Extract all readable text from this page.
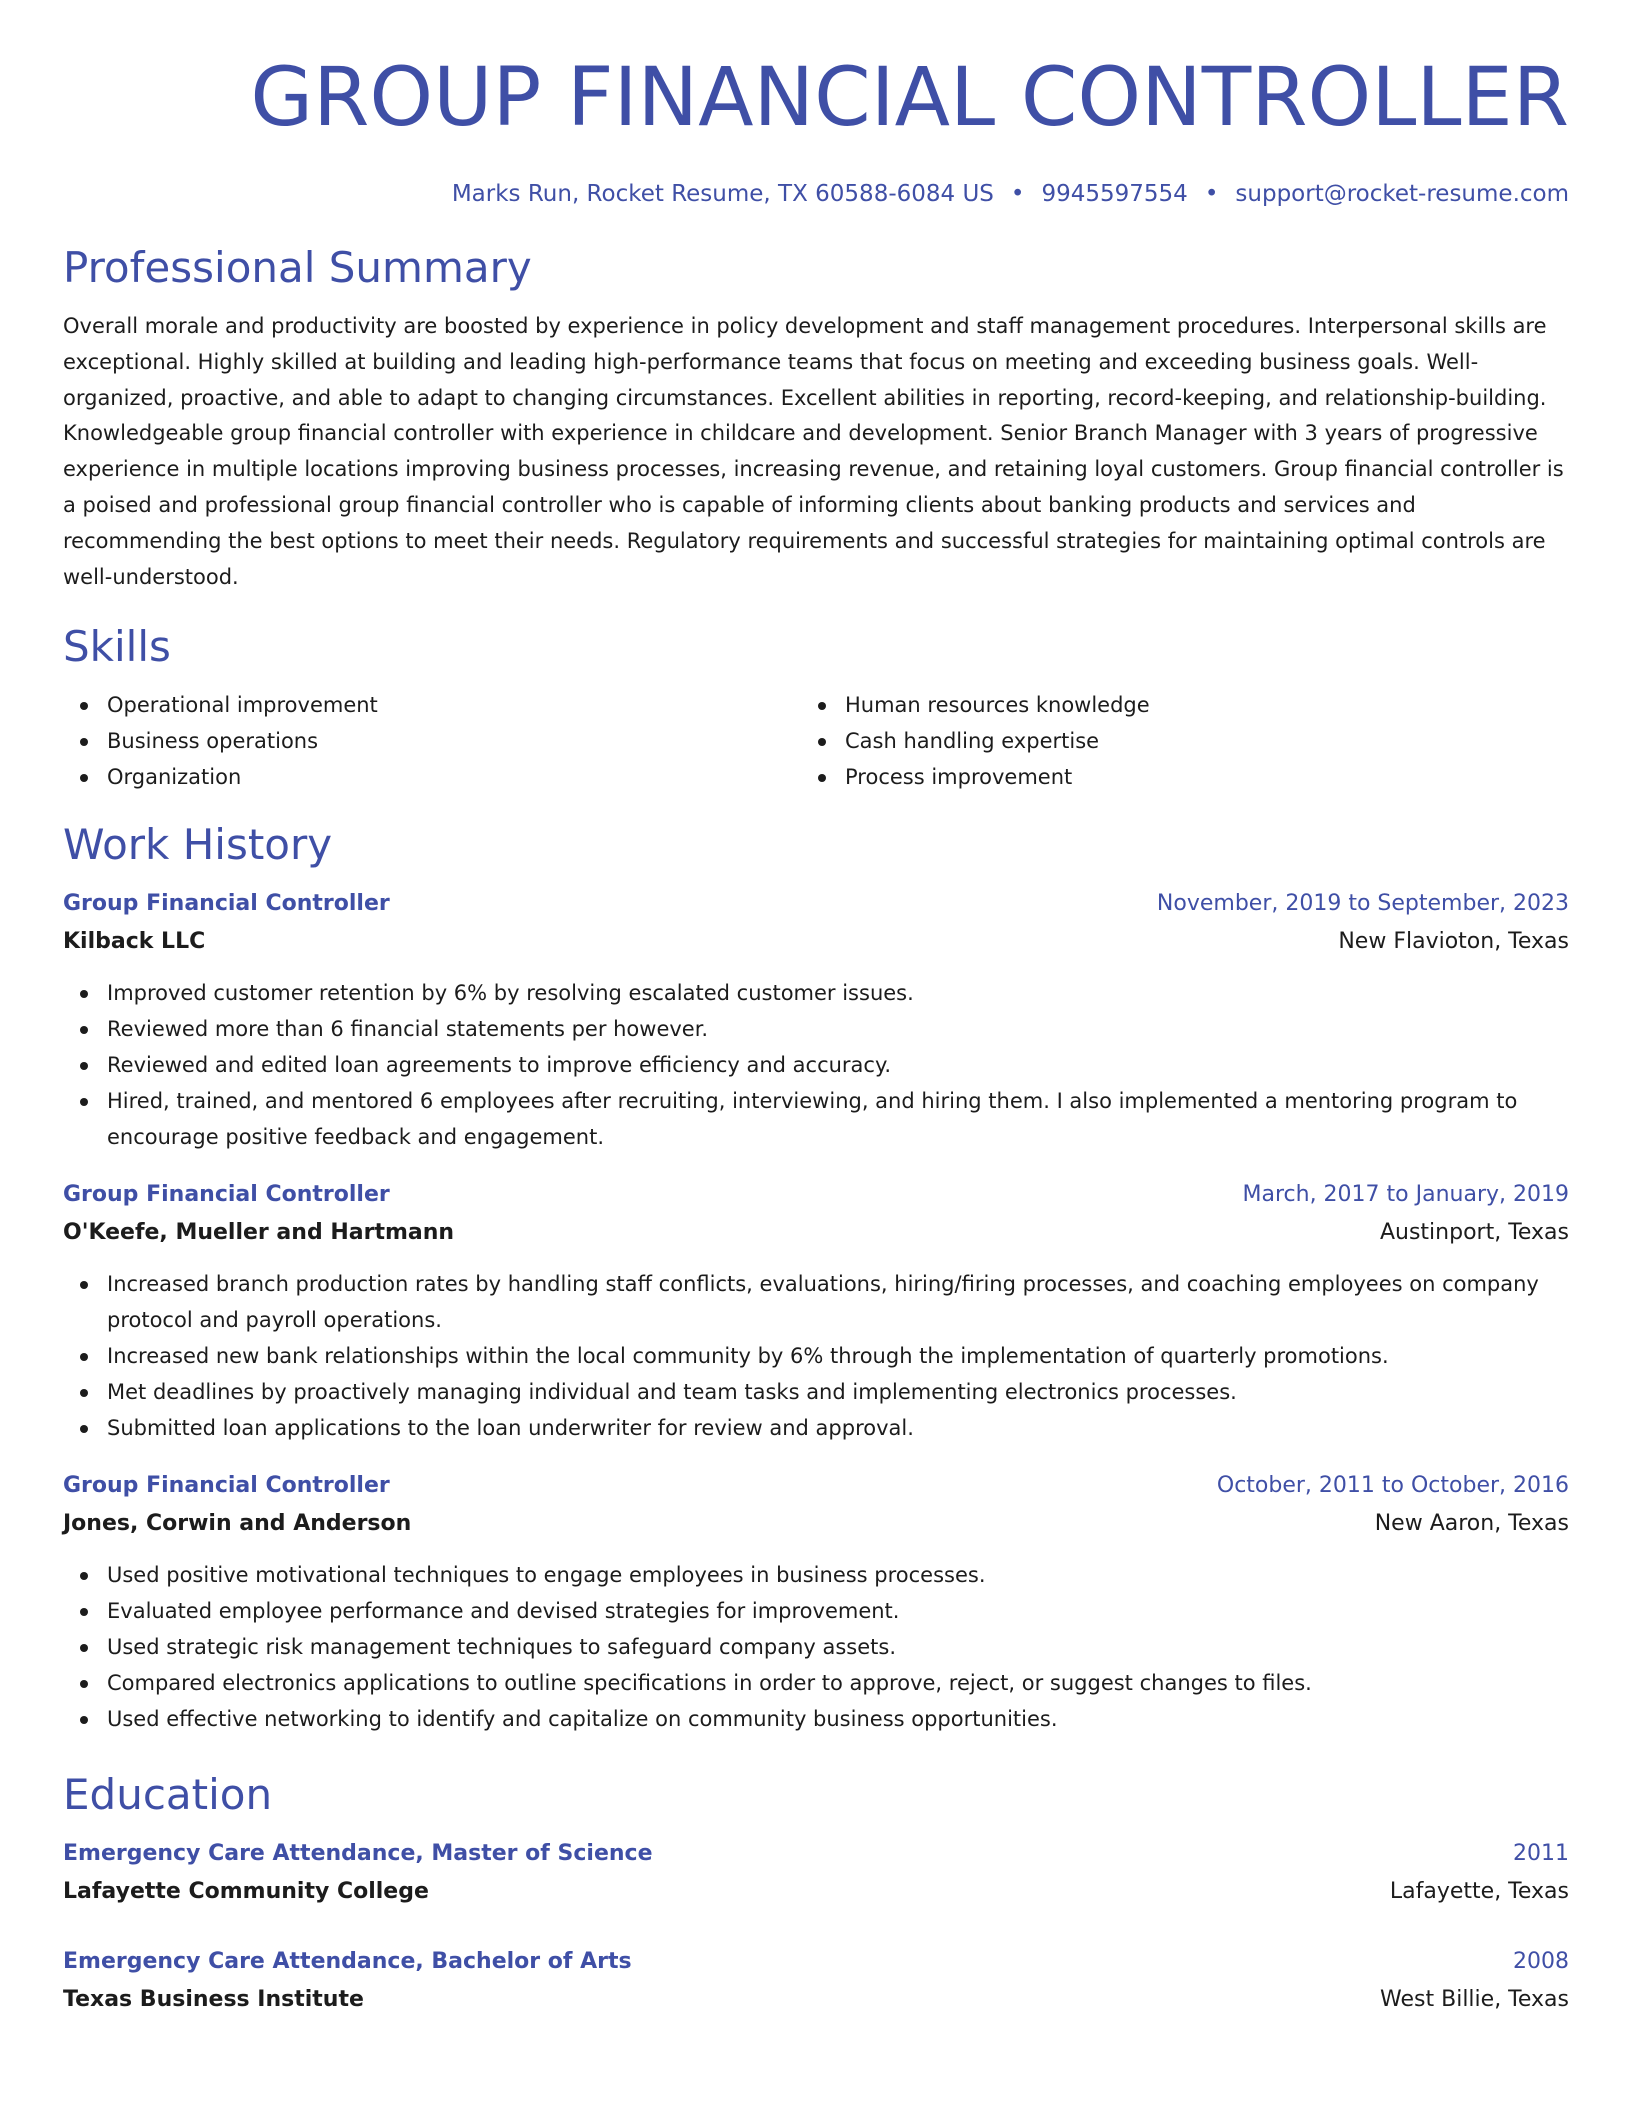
GROUP FINANCIAL CONTROLLER
Marks Run, Rocket Resume, TX 60588-6084 US • 9945597554 • support@rocket-resume.com
Professional Summary

Overall morale and productivity are boosted by experience in policy development and staff management procedures. Interpersonal skills are exceptional. Highly skilled at building and leading high-performance teams that focus on meeting and exceeding business goals. Well-organized, proactive, and able to adapt to changing circumstances. Excellent abilities in reporting, record-keeping, and relationship-building. Knowledgeable group financial controller with experience in childcare and development. Senior Branch Manager with 3 years of progressive experience in multiple locations improving business processes, increasing revenue, and retaining loyal customers. Group financial controller is a poised and professional group financial controller who is capable of informing clients about banking products and services and recommending the best options to meet their needs. Regulatory requirements and successful strategies for maintaining optimal controls are well-understood.

Skills
Operational improvement
Business operations
Organization
Human resources knowledge
Cash handling expertise
Process improvement
Work History
Group Financial Controller	November, 2019 to September, 2023
Kilback LLC	New Flavioton, Texas
Improved customer retention by 6% by resolving escalated customer issues.
Reviewed more than 6 financial statements per however.
Reviewed and edited loan agreements to improve efficiency and accuracy.
Hired, trained, and mentored 6 employees after recruiting, interviewing, and hiring them. I also implemented a mentoring program to encourage positive feedback and engagement.
Group Financial Controller	March, 2017 to January, 2019
O'Keefe, Mueller and Hartmann	Austinport, Texas
Increased branch production rates by handling staff conflicts, evaluations, hiring/firing processes, and coaching employees on company protocol and payroll operations.
Increased new bank relationships within the local community by 6% through the implementation of quarterly promotions.
Met deadlines by proactively managing individual and team tasks and implementing electronics processes.
Submitted loan applications to the loan underwriter for review and approval.
Group Financial Controller	October, 2011 to October, 2016
Jones, Corwin and Anderson	New Aaron, Texas
Used positive motivational techniques to engage employees in business processes.
Evaluated employee performance and devised strategies for improvement.
Used strategic risk management techniques to safeguard company assets.
Compared electronics applications to outline specifications in order to approve, reject, or suggest changes to files.
Used effective networking to identify and capitalize on community business opportunities.
Education
Emergency Care Attendance, Master of Science	2011
Lafayette Community College	Lafayette, Texas
Emergency Care Attendance, Bachelor of Arts	2008
Texas Business Institute	West Billie, Texas
